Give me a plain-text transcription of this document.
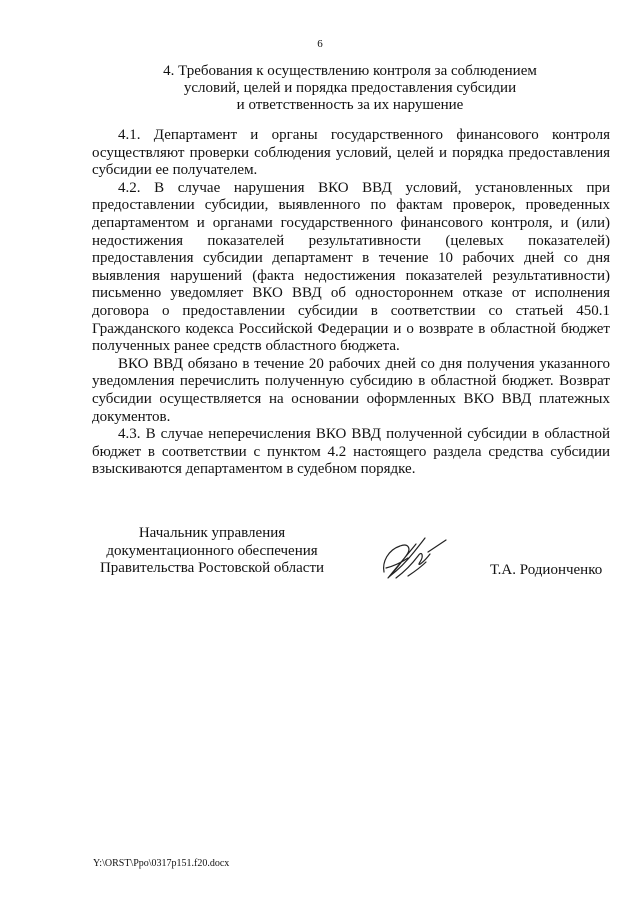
6
4. Требования к осуществлению контроля за соблюдением
условий, целей и порядка предоставления субсидии
и ответственность за их нарушение

4.1. Департамент и органы государственного финансового контроля осуществляют проверки соблюдения условий, целей и порядка предоставления субсидии ее получателем.

4.2. В случае нарушения ВКО ВВД условий, установленных при предоставлении субсидии, выявленного по фактам проверок, проведенных департаментом и органами государственного финансового контроля, и (или) недостижения показателей результативности (целевых показателей) предоставления субсидии департамент в течение 10 рабочих дней со дня выявления нарушений (факта недостижения показателей результативности) письменно уведомляет ВКО ВВД об одностороннем отказе от исполнения договора о предоставлении субсидии в соответствии со статьей 450.1 Гражданского кодекса Российской Федерации и о возврате в областной бюджет полученных ранее средств областного бюджета.

ВКО ВВД обязано в течение 20 рабочих дней со дня получения указанного уведомления перечислить полученную субсидию в областной бюджет. Возврат субсидии осуществляется на основании оформленных ВКО ВВД платежных документов.

4.3. В случае неперечисления ВКО ВВД полученной субсидии в областной бюджет в соответствии с пунктом 4.2 настоящего раздела средства субсидии взыскиваются департаментом в судебном порядке.

Начальник управления
документационного обеспечения
Правительства Ростовской области	Т.А. Родионченко
Y:\ORST\Ppo\0317p151.f20.docx
